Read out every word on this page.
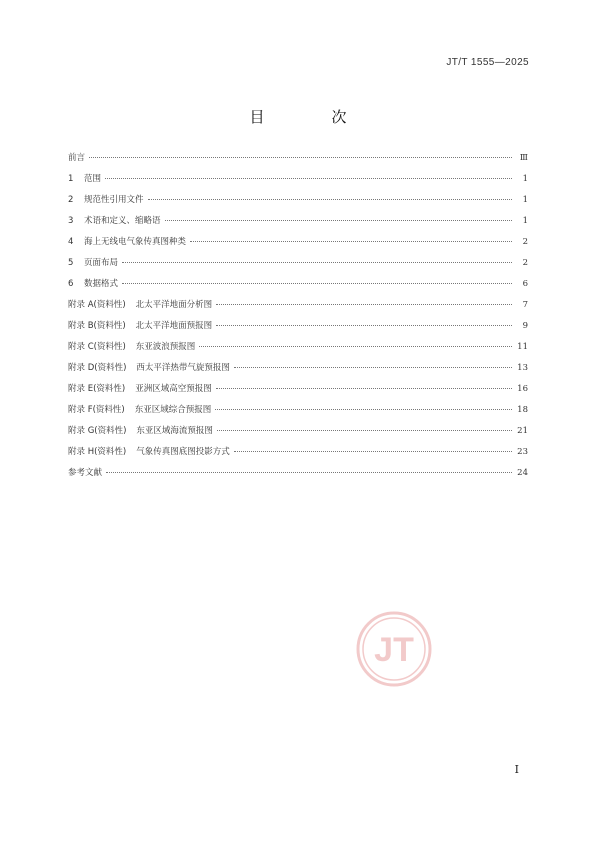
JT/T 1555—2025
目　次
前言	Ⅲ
1	范围	1
2	规范性引用文件	1
3	术语和定义、缩略语	1
4	海上无线电气象传真图种类	2
5	页面布局	2
6	数据格式	6
附录 A(资料性) 北太平洋地面分析图	7
附录 B(资料性) 北太平洋地面预报图	9
附录 C(资料性) 东亚波浪预报图	11
附录 D(资料性) 西太平洋热带气旋预报图	13
附录 E(资料性) 亚洲区域高空预报图	16
附录 F(资料性) 东亚区域综合预报图	18
附录 G(资料性) 东亚区域海流预报图	21
附录 H(资料性) 气象传真图底图投影方式	23
参考文献	24
JT
Ⅰ
